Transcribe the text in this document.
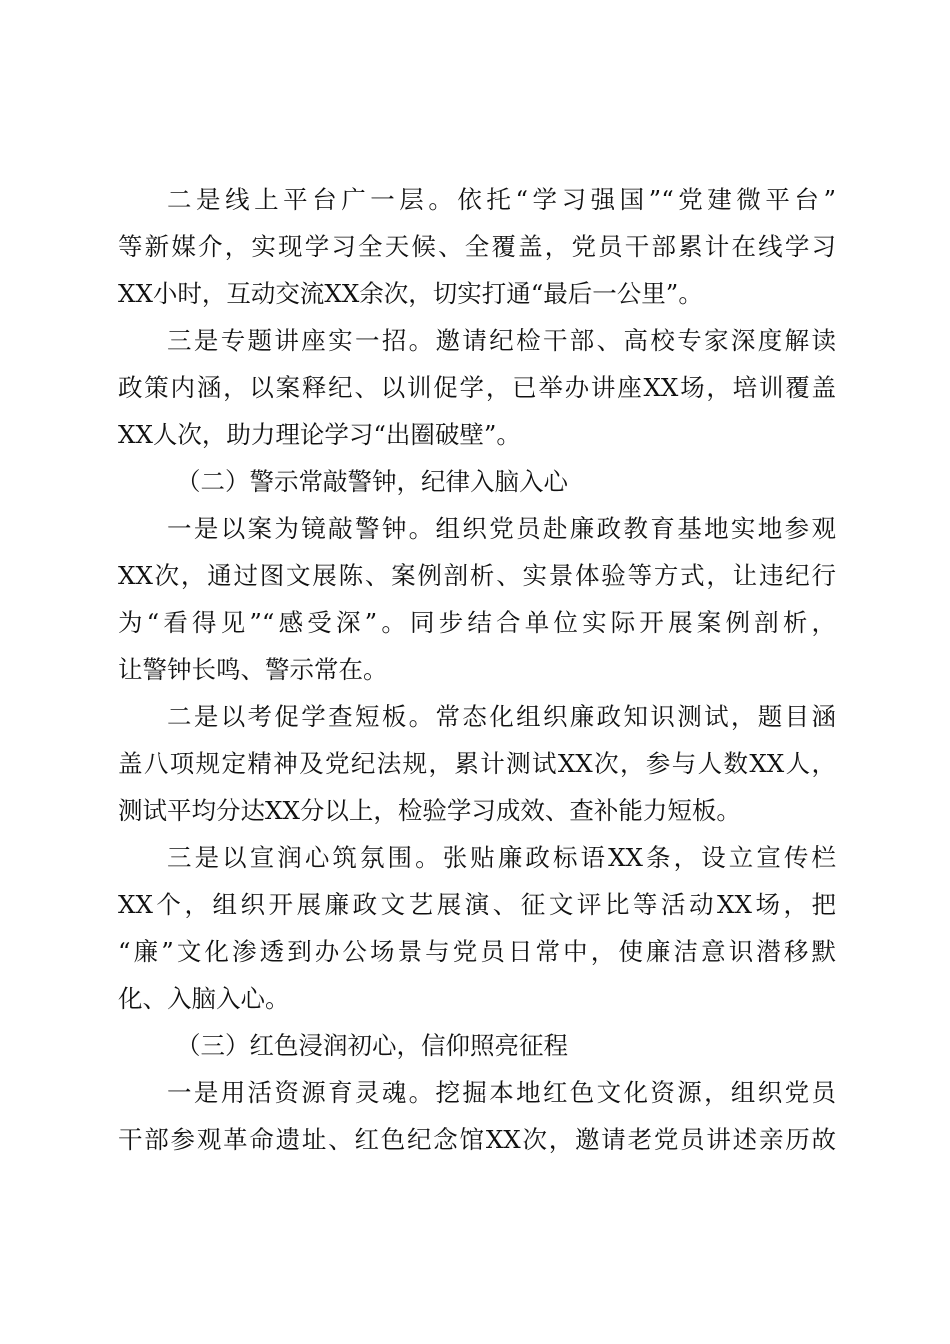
二是线上平台广一层。依托“学习强国”“党建微平台”
等新媒介，实现学习全天候、全覆盖，党员干部累计在线学习
XX小时，互动交流XX余次，切实打通“最后一公里”。
三是专题讲座实一招。邀请纪检干部、高校专家深度解读
政策内涵，以案释纪、以训促学，已举办讲座XX场，培训覆盖
XX人次，助力理论学习“出圈破壁”。
（二）警示常敲警钟，纪律入脑入心
一是以案为镜敲警钟。组织党员赴廉政教育基地实地参观
XX次，通过图文展陈、案例剖析、实景体验等方式，让违纪行
为“看得见”“感受深”。同步结合单位实际开展案例剖析，
让警钟长鸣、警示常在。
二是以考促学查短板。常态化组织廉政知识测试，题目涵
盖八项规定精神及党纪法规，累计测试XX次，参与人数XX人，
测试平均分达XX分以上，检验学习成效、查补能力短板。
三是以宣润心筑氛围。张贴廉政标语XX条，设立宣传栏
XX个，组织开展廉政文艺展演、征文评比等活动XX场，把
“廉”文化渗透到办公场景与党员日常中，使廉洁意识潜移默
化、入脑入心。
（三）红色浸润初心，信仰照亮征程
一是用活资源育灵魂。挖掘本地红色文化资源，组织党员
干部参观革命遗址、红色纪念馆XX次，邀请老党员讲述亲历故
